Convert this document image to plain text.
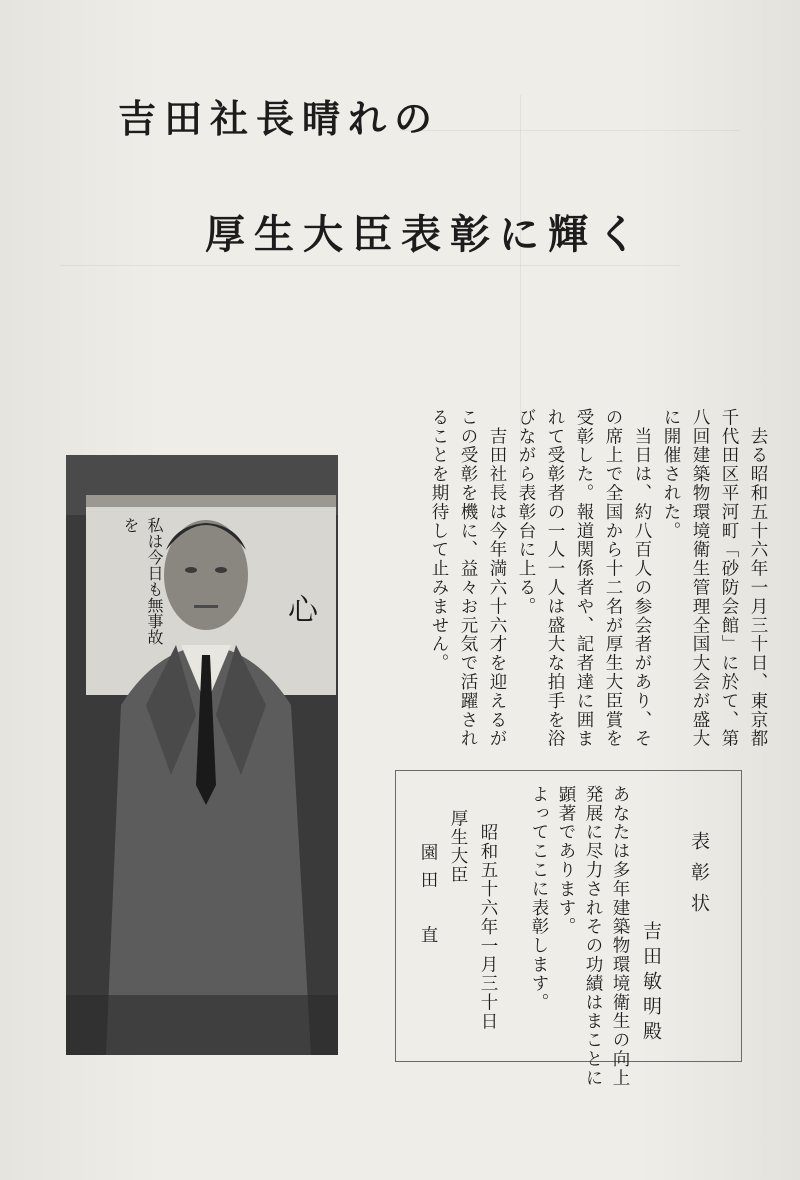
吉田社長晴れの
厚生大臣表彰に輝く
　去る昭和五十六年一月三十日、東京都
千代田区平河町「砂防会館」に於て、第
八回建築物環境衛生管理全国大会が盛大
に開催された。
　当日は、約八百人の参会者があり、そ
の席上で全国から十二名が厚生大臣賞を
受彰した。報道関係者や、記者達に囲ま
れて受彰者の一人一人は盛大な拍手を浴
びながら表彰台に上る。
　吉田社長は今年満六十六才を迎えるが
この受彰を機に、益々お元気で活躍され
ることを期待して止みません。
私は今日も無事故を
心
表彰状
吉田敏明殿
あなたは多年建築物環境衛生の向上
発展に尽力されその功績はまことに
顕著であります。
よってここに表彰します。
昭和五十六年一月三十日
厚生大臣
園田　直
